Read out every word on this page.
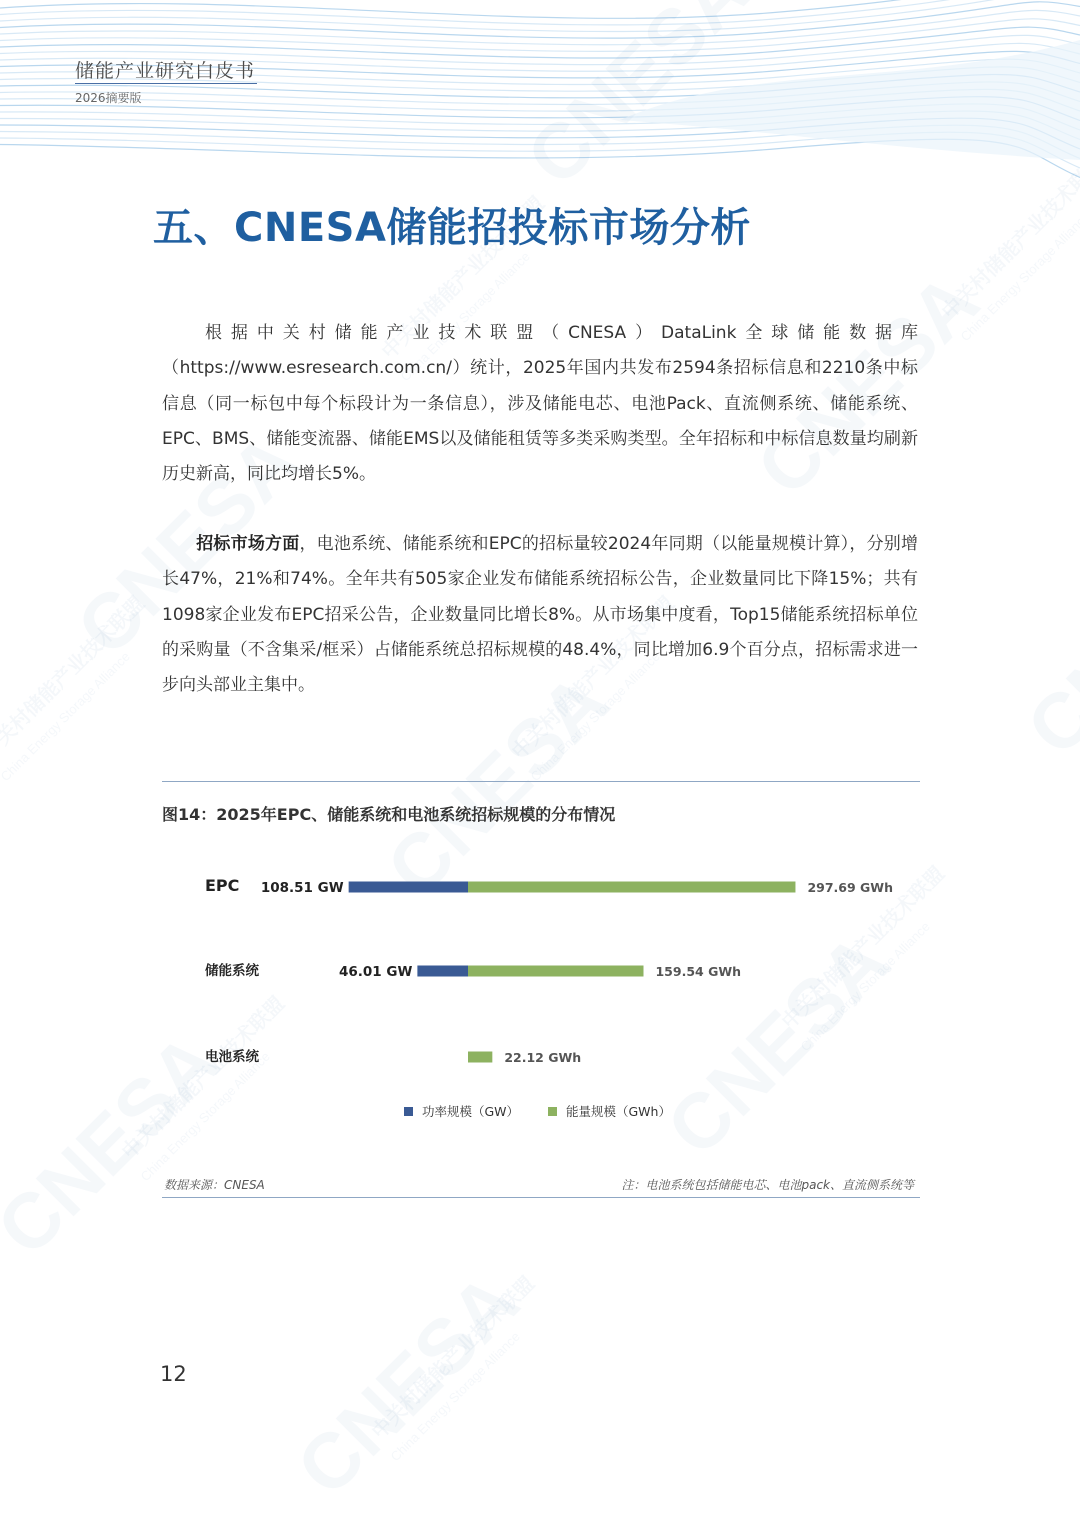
储能产业研究白皮书
2026摘要版
五、CNESA储能招投标市场分析
根据中关村储能产业技术联盟（CNESA）DataLink全球储能数据库（https://www.esresearch.com.cn/）统计，2025年国内共发布2594条招标信息和2210条中标信息（同一标包中每个标段计为一条信息），涉及储能电芯、电池Pack、直流侧系统、储能系统、EPC、BMS、储能变流器、储能EMS以及储能租赁等多类采购类型。全年招标和中标信息数量均刷新历史新高，同比均增长5%。
招标市场方面，电池系统、储能系统和EPC的招标量较2024年同期（以能量规模计算），分别增长47%，21%和74%。全年共有505家企业发布储能系统招标公告，企业数量同比下降15%；共有1098家企业发布EPC招采公告，企业数量同比增长8%。从市场集中度看，Top15储能系统招标单位的采购量（不含集采/框采）占储能系统总招标规模的48.4%，同比增加6.9个百分点，招标需求进一步向头部业主集中。
图14：2025年EPC、储能系统和电池系统招标规模的分布情况
EPC 108.51 GW	297.69 GWh
储能系统	46.01 GW	159.54 GWh
电池系统	22.12 GWh
功率规模（GW）	能量规模（GWh）
数据来源：CNESA	注：电池系统包括储能电芯、电池pack、直流侧系统等
12
